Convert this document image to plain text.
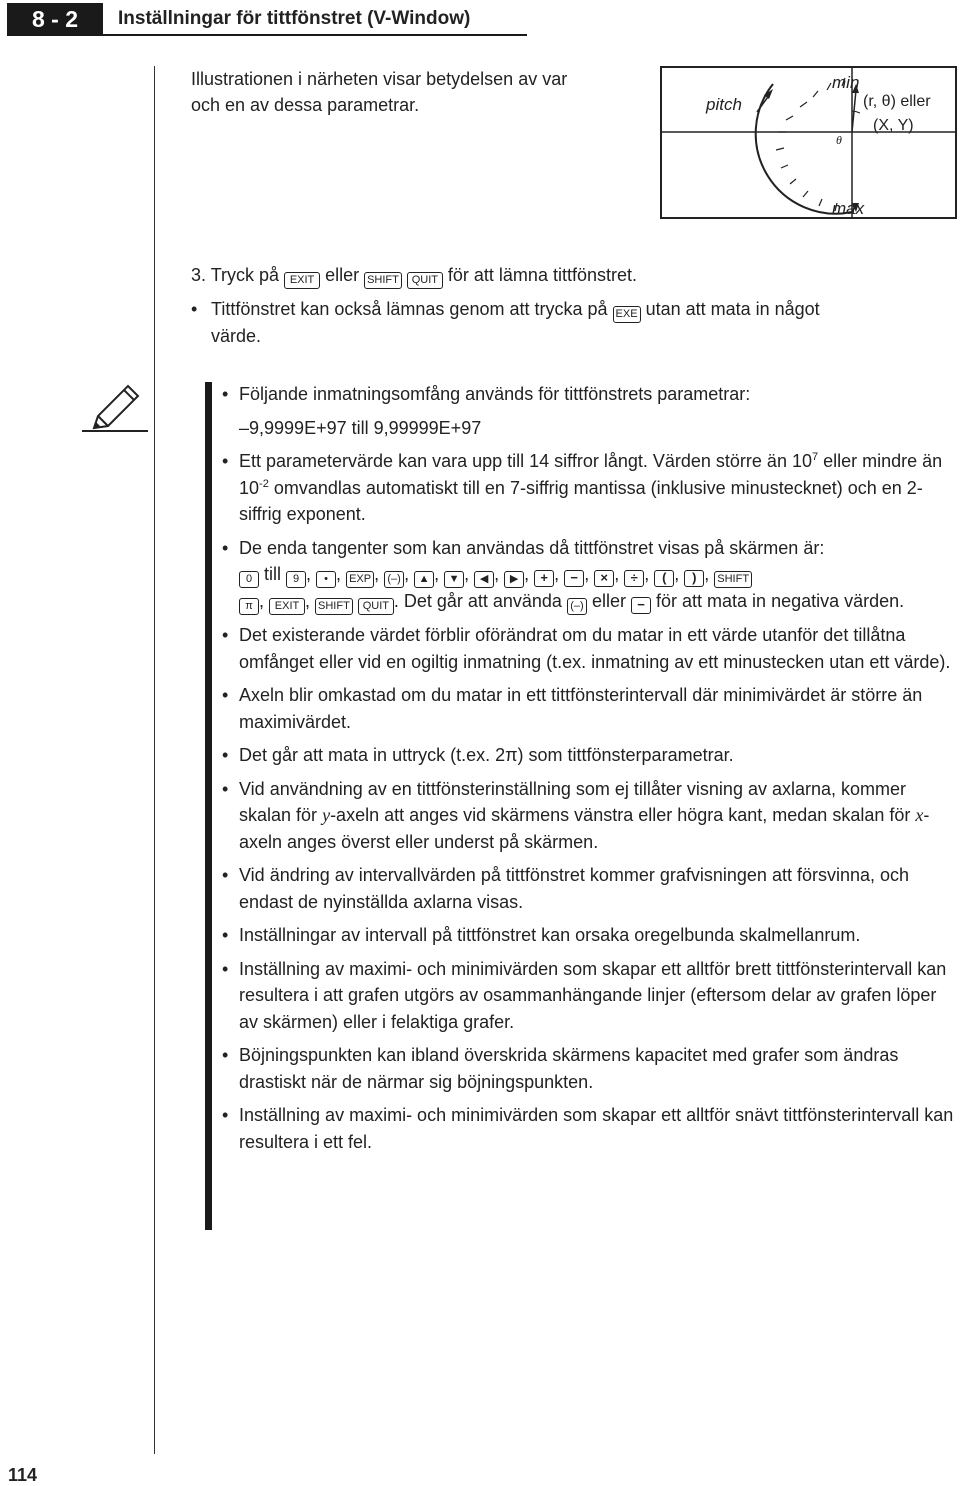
8 - 2	Inställningar för tittfönstret (V-Window)
Illustrationen i närheten visar betydelsen av var
och en av dessa parametrar.	pitch
min
max
θ
(r, θ) eller
(X, Y)
3. Tryck på EXIT eller SHIFT QUIT för att lämna tittfönstret.
• Tittfönstret kan också lämnas genom att trycka på EXE utan att mata in något
värde.
• Följande inmatningsomfång används för tittfönstrets parametrar:
–9,9999E+97 till 9,99999E+97
• Ett parametervärde kan vara upp till 14 siffror långt. Värden större än $10^7$ eller mindre än $10^{-2}$ omvandlas automatiskt till en 7-siffrig mantissa (inklusive minustecknet) och en 2-siffrig exponent.
• De enda tangenter som kan användas då tittfönstret visas på skärmen är:
0 till 9 , • , EXP , (–) , ▲ , ▼ , ◀ , ▶ , + , − , × , ÷ , ( , ) , SHIFT
π , EXIT , SHIFT QUIT . Det går att använda (–) eller − för att mata in negativa värden.
• Det existerande värdet förblir oförändrat om du matar in ett värde utanför det tillåtna omfånget eller vid en ogiltig inmatning (t.ex. inmatning av ett minustecken utan ett värde).
• Axeln blir omkastad om du matar in ett tittfönsterintervall där minimivärdet är större än maximivärdet.
• Det går att mata in uttryck (t.ex. 2π) som tittfönsterparametrar.
• Vid användning av en tittfönsterinställning som ej tillåter visning av axlarna, kommer skalan för y-axeln att anges vid skärmens vänstra eller högra kant, medan skalan för x-axeln anges överst eller underst på skärmen.
• Vid ändring av intervallvärden på tittfönstret kommer grafvisningen att försvinna, och endast de nyinställda axlarna visas.
• Inställningar av intervall på tittfönstret kan orsaka oregelbunda skalmellanrum.
• Inställning av maximi- och minimivärden som skapar ett alltför brett tittfönsterintervall kan resultera i att grafen utgörs av osammanhängande linjer (eftersom delar av grafen löper av skärmen) eller i felaktiga grafer.
• Böjningspunkten kan ibland överskrida skärmens kapacitet med grafer som ändras drastiskt när de närmar sig böjningspunkten.
• Inställning av maximi- och minimivärden som skapar ett alltför snävt tittfönsterintervall kan resultera i ett fel.
114
